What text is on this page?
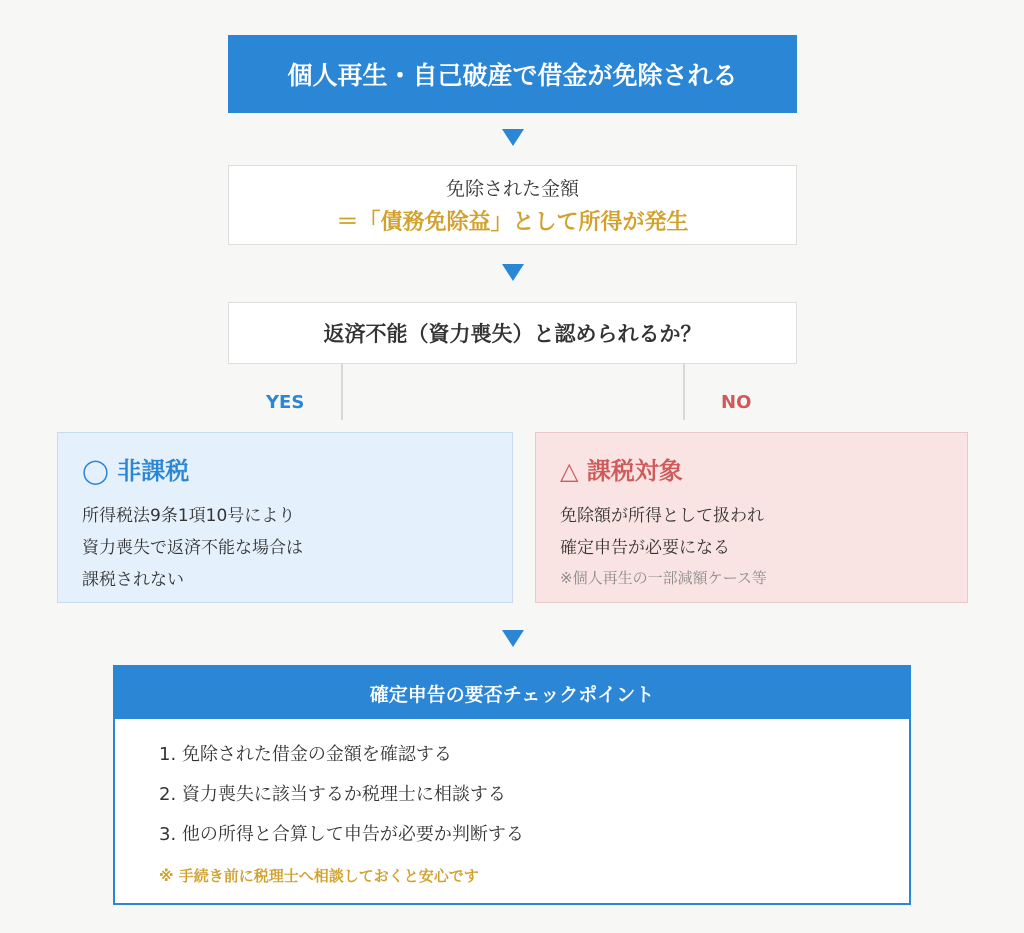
個人再生・自己破産で借金が免除される
免除された金額
＝「債務免除益」として所得が発生
返済不能（資力喪失）と認められるか？
YES	NO
◯ 非課税
所得税法9条1項10号により
資力喪失で返済不能な場合は
課税されない
△ 課税対象
免除額が所得として扱われ
確定申告が必要になる
※個人再生の一部減額ケース等
確定申告の要否チェックポイント
1. 免除された借金の金額を確認する
2. 資力喪失に該当するか税理士に相談する
3. 他の所得と合算して申告が必要か判断する
※ 手続き前に税理士へ相談しておくと安心です
